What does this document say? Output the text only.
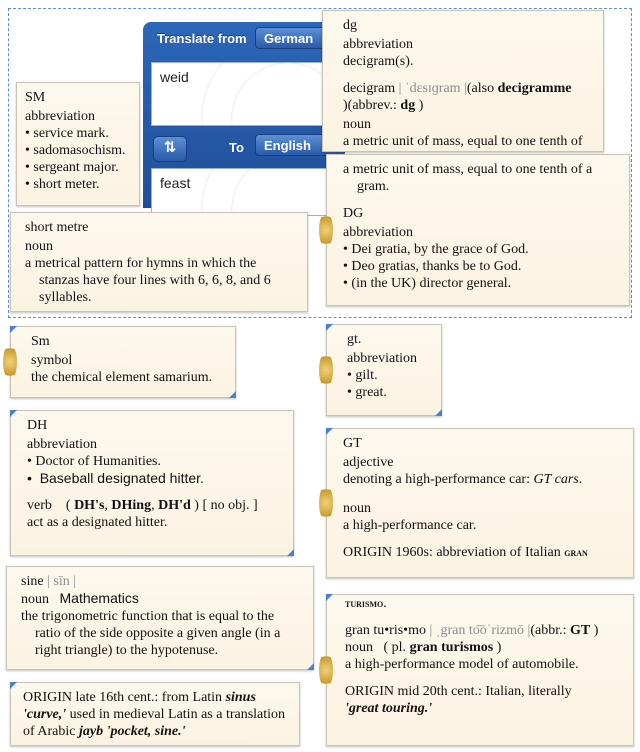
Translate from	German
weid
⇅	To	English
feast
SM
abbreviation
• service mark.
• sadomasochism.
• sergeant major.
• short meter.
dg
abbreviation
decigram(s).
decigram | ˈdɛsɪɡram |(also decigramme
)(abbrev.: dg )
noun
a metric unit of mass, equal to one tenth of
a metric unit of mass, equal to one tenth of a gram.
DG
abbreviation
• Dei gratia, by the grace of God.
• Deo gratias, thanks be to God.
• (in the UK) director general.
short metre
noun
a metrical pattern for hymns in which the stanzas have four lines with 6, 6, 8, and 6 syllables.
Sm
symbol
the chemical element samarium.
gt.
abbreviation
• gilt.
• great.
DH
abbreviation
• Doctor of Humanities.
•  Baseball designated hitter.
verb    ( DH's, DHing, DH'd ) [ no obj. ]
act as a designated hitter.
GT
adjective
denoting a high-performance car: GT cars.
noun
a high-performance car.
ORIGIN 1960s: abbreviation of Italian gran
sine | sīn |
noun Mathematics
the trigonometric function that is equal to the ratio of the side opposite a given angle (in a right triangle) to the hypotenuse.
turismo.
gran tu•ris•mo | ˌgran to͞oˈrizmō |(abbr.: GT )
noun ( pl. gran turismos )
a high-performance model of automobile.
ORIGIN mid 20th cent.: Italian, literally
'great touring.'
ORIGIN late 16th cent.: from Latin sinus
'curve,' used in medieval Latin as a translation of Arabic jayb 'pocket, sine.'
